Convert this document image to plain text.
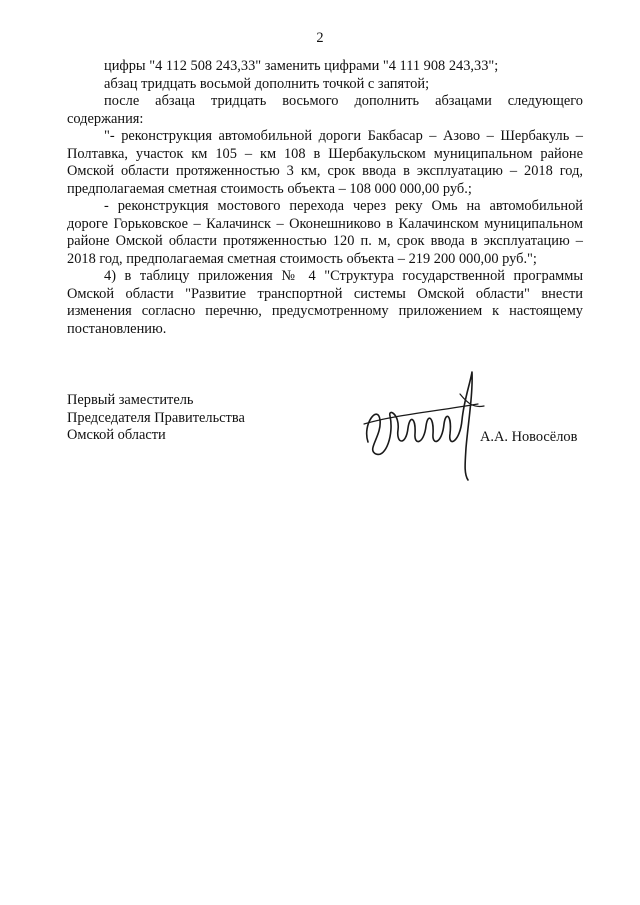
2

цифры "4 112 508 243,33" заменить цифрами "4 111 908 243,33";

абзац тридцать восьмой дополнить точкой с запятой;

после абзаца тридцать восьмого дополнить абзацами следующего содержания:

"- реконструкция автомобильной дороги Бакбасар – Азово – Шербакуль – Полтавка, участок км 105 – км 108 в Шербакульском муниципальном районе Омской области протяженностью 3 км, срок ввода в эксплуатацию – 2018 год, предполагаемая сметная стоимость объекта – 108 000 000,00 руб.;

- реконструкция мостового перехода через реку Омь на автомобильной дороге Горьковское – Калачинск – Оконешниково в Калачинском муниципальном районе Омской области протяженностью 120 п. м, срок ввода в эксплуатацию – 2018 год, предполагаемая сметная стоимость объекта – 219 200 000,00 руб.";

4) в таблицу приложения № 4 "Структура государственной программы Омской области "Развитие транспортной системы Омской области" внести изменения согласно перечню, предусмотренному приложением к настоящему постановлению.

Первый заместитель
Председателя Правительства
Омской области	А.А. Новосёлов
